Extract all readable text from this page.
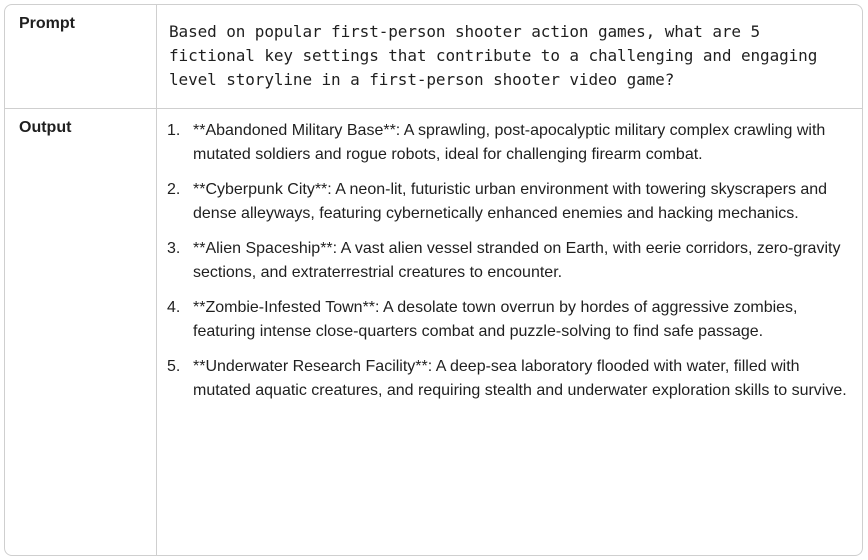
Prompt	Based on popular first-person shooter action games, what are 5 fictional key settings that contribute to a challenging and engaging level storyline in a first-person shooter video game?
Output	1. **Abandoned Military Base**: A sprawling, post-apocalyptic military complex crawling with mutated soldiers and rogue robots, ideal for challenging firearm combat.
2. **Cyberpunk City**: A neon-lit, futuristic urban environment with towering skyscrapers and dense alleyways, featuring cybernetically enhanced enemies and hacking mechanics.
3. **Alien Spaceship**: A vast alien vessel stranded on Earth, with eerie corridors, zero-gravity sections, and extraterrestrial creatures to encounter.
4. **Zombie-Infested Town**: A desolate town overrun by hordes of aggressive zombies, featuring intense close-quarters combat and puzzle-solving to find safe passage.
5. **Underwater Research Facility**: A deep-sea laboratory flooded with water, filled with mutated aquatic creatures, and requiring stealth and underwater exploration skills to survive.
